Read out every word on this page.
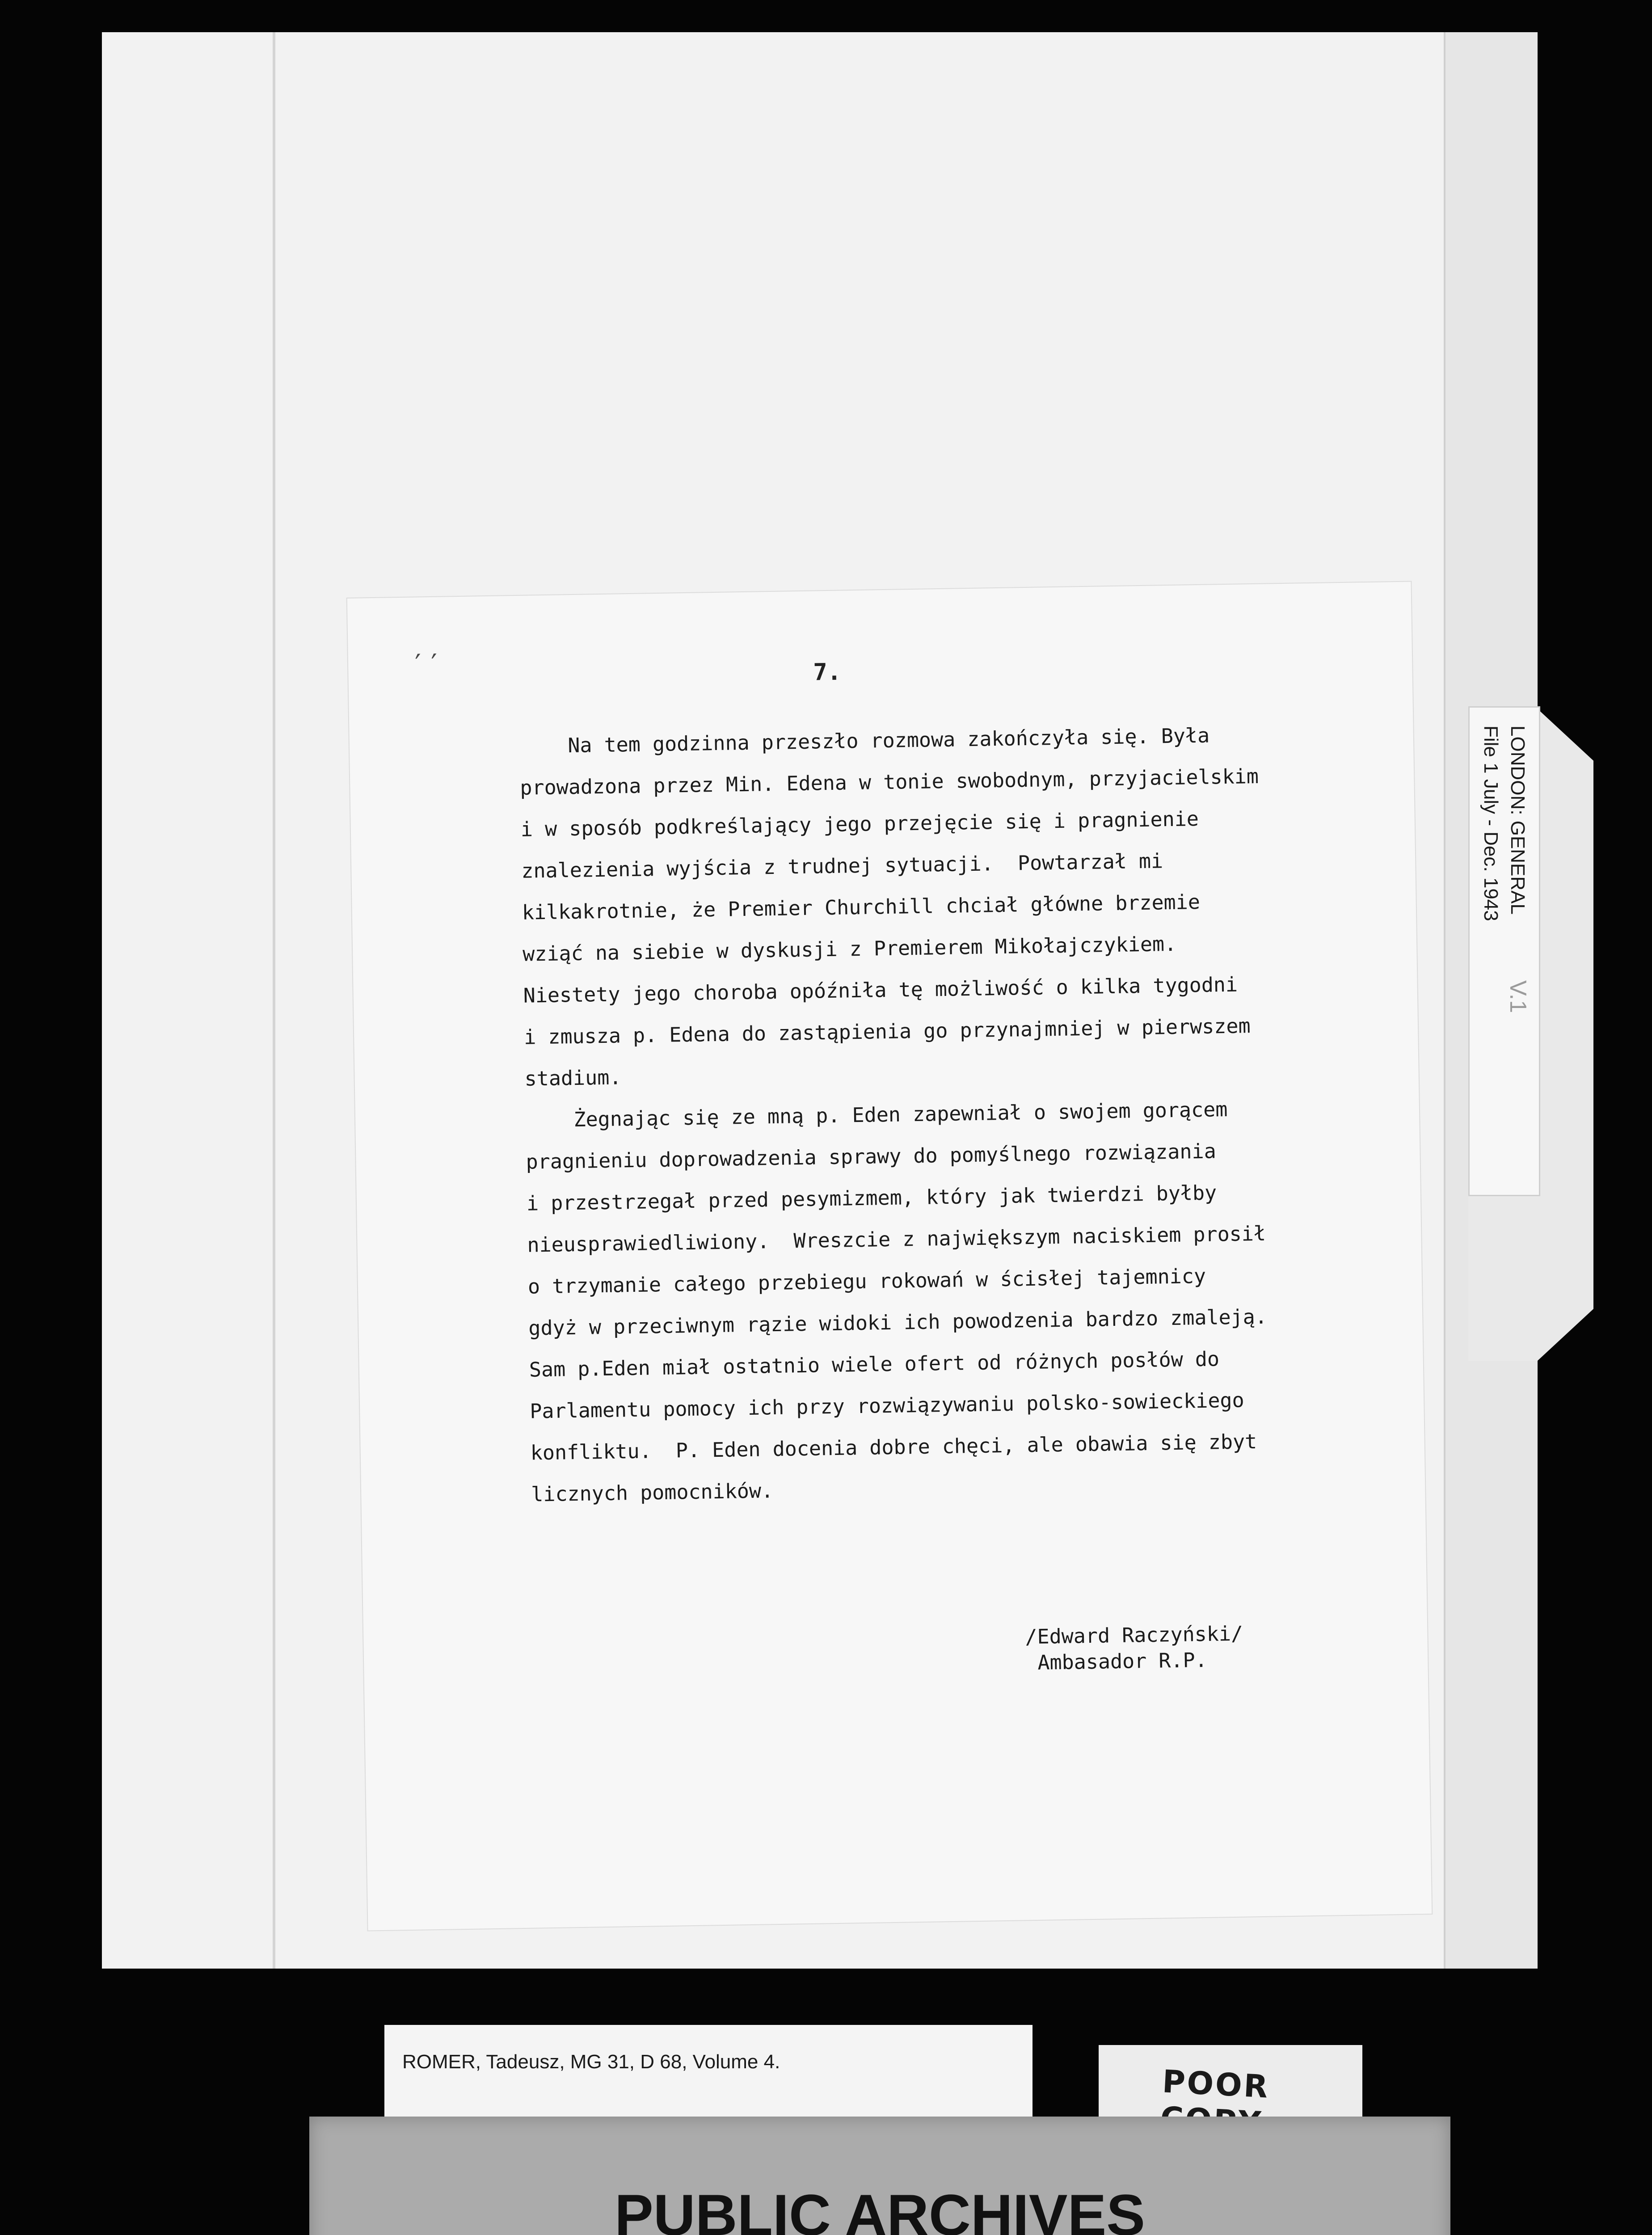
LONDON: GENERAL
File 1 July - Dec. 1943
V.1
′′	7.
Na tem godzinna przeszło rozmowa zakończyła się. Była
prowadzona przez Min. Edena w tonie swobodnym, przyjacielskim
i w sposób podkreślający jego przejęcie się i pragnienie
znalezienia wyjścia z trudnej sytuacji.  Powtarzał mi
kilkakrotnie, że Premier Churchill chciał główne brzemie
wziąć na siebie w dyskusji z Premierem Mikołajczykiem.
Niestety jego choroba opóźniła tę możliwość o kilka tygodni
i zmusza p. Edena do zastąpienia go przynajmniej w pierwszem
stadium.
Żegnając się ze mną p. Eden zapewniał o swojem gorącem
pragnieniu doprowadzenia sprawy do pomyślnego rozwiązania
i przestrzegał przed pesymizmem, który jak twierdzi byłby
nieusprawiedliwiony.  Wreszcie z największym naciskiem prosił
o trzymanie całego przebiegu rokowań w ścisłej tajemnicy
gdyż w przeciwnym rązie widoki ich powodzenia bardzo zmaleją.
Sam p.Eden miał ostatnio wiele ofert od różnych posłów do
Parlamentu pomocy ich przy rozwiązywaniu polsko-sowieckiego
konfliktu.  P. Eden docenia dobre chęci, ale obawia się zbyt
licznych pomocników.
/Edward Raczyński/
Ambasador R.P.
ROMER, Tadeusz, MG 31, D 68, Volume 4.
POOR
PUBLIC ARCHIVES
